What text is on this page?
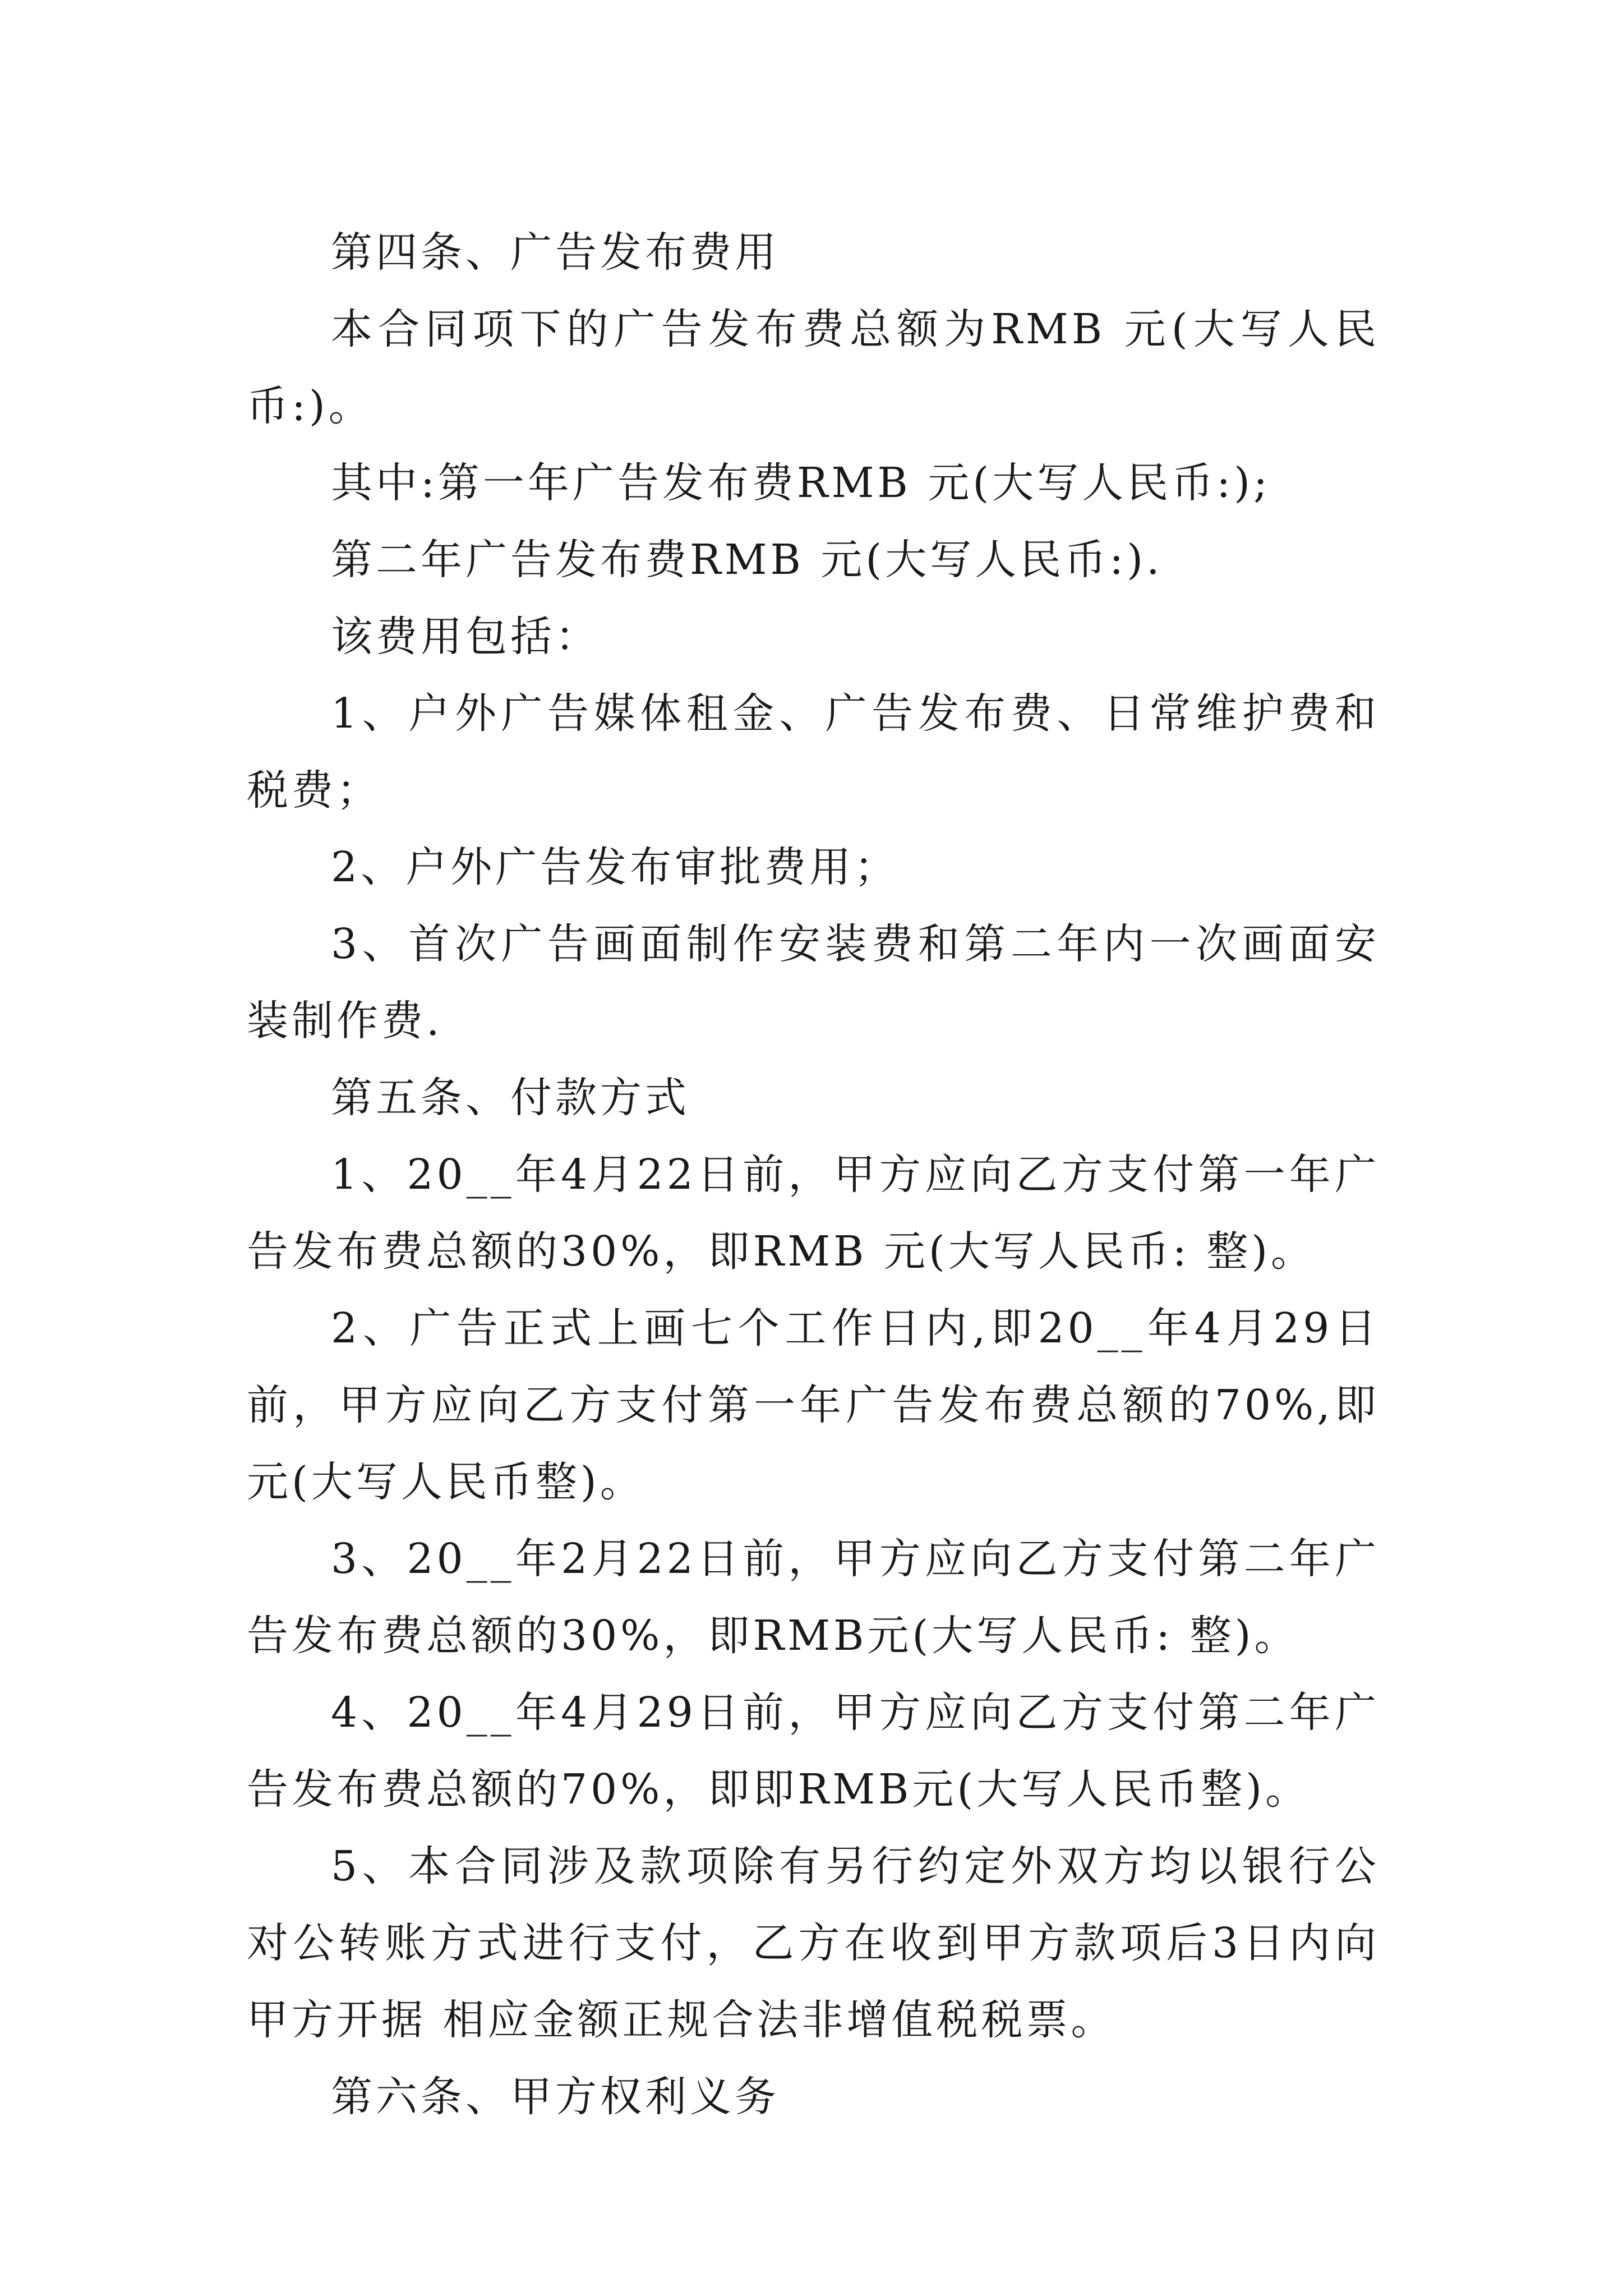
第四条、广告发布费用

本合同项下的广告发布费总额为RMB 元(大写人民币:)。

其中:第一年广告发布费RMB 元(大写人民币:);

第二年广告发布费RMB 元(大写人民币:).

该费用包括：

1、户外广告媒体租金、广告发布费、日常维护费和税费；

2、户外广告发布审批费用；

3、首次广告画面制作安装费和第二年内一次画面安装制作费.

第五条、付款方式

1、20__年4月22日前，甲方应向乙方支付第一年广告发布费总额的30%，即RMB 元(大写人民币: 整)。

2、广告正式上画七个工作日内,即20__年4月29日前，甲方应向乙方支付第一年广告发布费总额的70%,即元(大写人民币整)。

3、20__年2月22日前，甲方应向乙方支付第二年广告发布费总额的30%，即RMB元(大写人民币: 整)。

4、20__年4月29日前，甲方应向乙方支付第二年广告发布费总额的70%，即即RMB元(大写人民币整)。

5、本合同涉及款项除有另行约定外双方均以银行公对公转账方式进行支付，乙方在收到甲方款项后3日内向甲方开据 相应金额正规合法非增值税税票。

第六条、甲方权利义务
